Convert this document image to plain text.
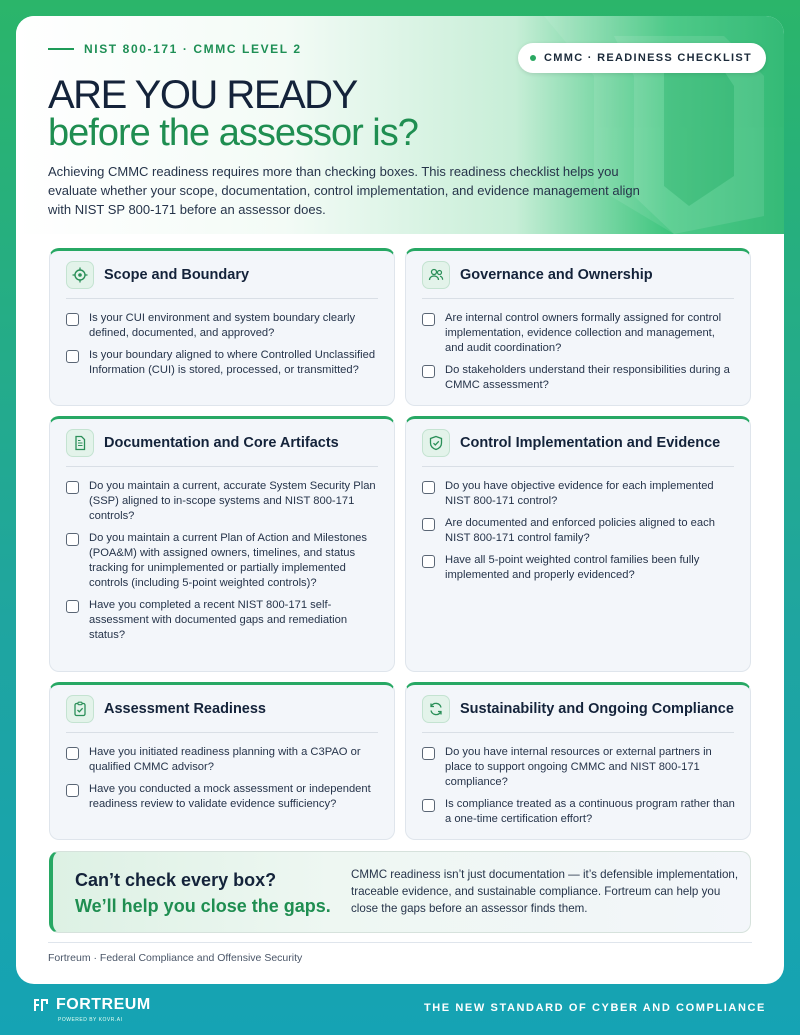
NIST 800-171 · CMMC LEVEL 2
CMMC · READINESS CHECKLIST
ARE YOU READY
before the assessor is?

Achieving CMMC readiness requires more than checking boxes. This readiness checklist helps you evaluate whether your scope, documentation, control implementation, and evidence management align with NIST SP 800-171 before an assessor does.

Scope and Boundary
Is your CUI environment and system boundary clearly defined, documented, and approved?
Is your boundary aligned to where Controlled Unclassified Information (CUI) is stored, processed, or transmitted?
Governance and Ownership
Are internal control owners formally assigned for control implementation, evidence collection and management, and audit coordination?
Do stakeholders understand their responsibilities during a CMMC assessment?
Documentation and Core Artifacts
Do you maintain a current, accurate System Security Plan (SSP) aligned to in-scope systems and NIST 800-171 controls?
Do you maintain a current Plan of Action and Milestones (POA&M) with assigned owners, timelines, and status tracking for unimplemented or partially implemented controls (including 5-point weighted controls)?
Have you completed a recent NIST 800-171 self-assessment with documented gaps and remediation status?
Control Implementation and Evidence
Do you have objective evidence for each implemented NIST 800-171 control?
Are documented and enforced policies aligned to each NIST 800-171 control family?
Have all 5-point weighted control families been fully implemented and properly evidenced?
Assessment Readiness
Have you initiated readiness planning with a C3PAO or qualified CMMC advisor?
Have you conducted a mock assessment or independent readiness review to validate evidence sufficiency?
Sustainability and Ongoing Compliance
Do you have internal resources or external partners in place to support ongoing CMMC and NIST 800-171 compliance?
Is compliance treated as a continuous program rather than a one-time certification effort?
Can’t check every box?
We’ll help you close the gaps.

CMMC readiness isn’t just documentation — it’s defensible implementation, traceable evidence, and sustainable compliance. Fortreum can help you close the gaps before an assessor finds them.

Fortreum · Federal Compliance and Offensive Security
FORTREUM
POWERED BY KOVR.AI
THE NEW STANDARD OF CYBER AND COMPLIANCE
